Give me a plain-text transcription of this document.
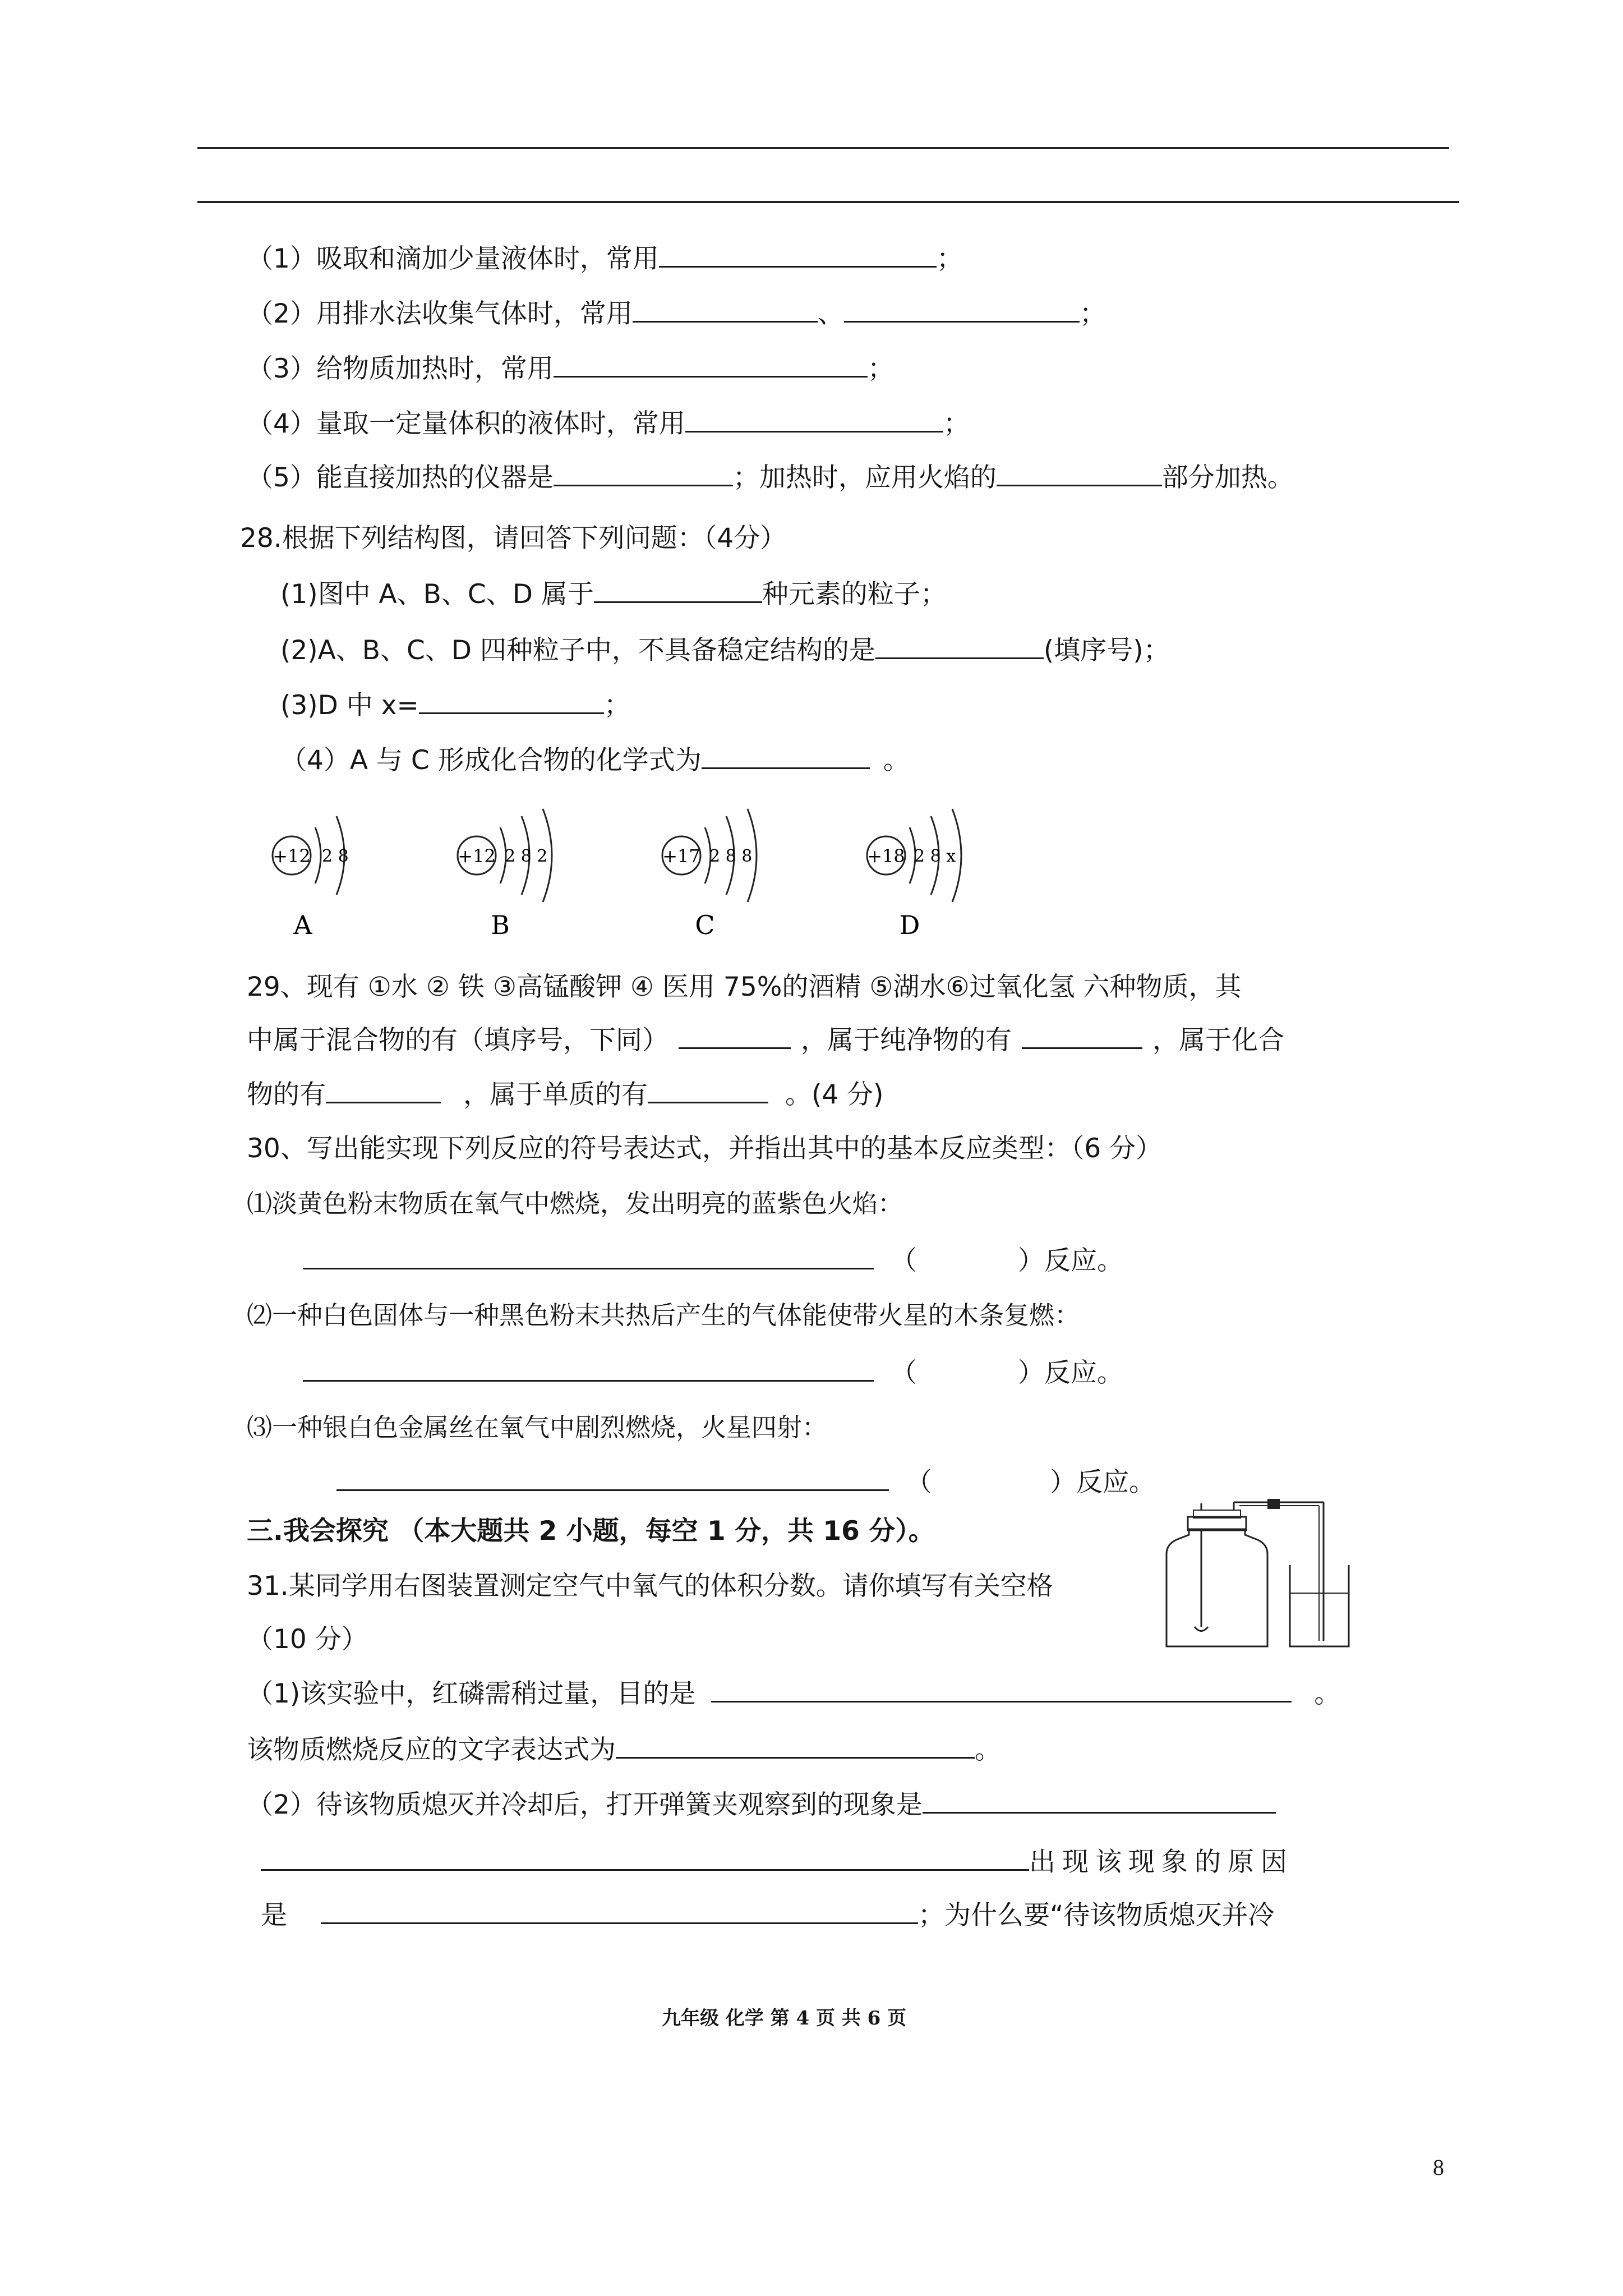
（1）吸取和滴加少量液体时，常用	；
（2）用排水法收集气体时，常用	、	；
（3）给物质加热时，常用	；
（4）量取一定量体积的液体时，常用	；
（5）能直接加热的仪器是	；加热时，应用火焰的	部分加热。
28.根据下列结构图，请回答下列问题：（4分）
(1)图中 A、B、C、D 属于	种元素的粒子；
(2)A、B、C、D 四种粒子中，不具备稳定结构的是	(填序号)；
(3)D 中 x=	；
（4）A 与 C 形成化合物的化学式为	。
+12 2 8
A
+12 2 8 2
B
+17 2 8 8
C
+18 2 8 x
D
29、现有 ①水 ② 铁 ③高锰酸钾 ④ 医用 75%的酒精 ⑤湖水⑥过氧化氢 六种物质，其
中属于混合物的有（填序号，下同）	，属于纯净物的有	，属于化合
物的有	，属于单质的有	。(4 分)
30、写出能实现下列反应的符号表达式，并指出其中的基本反应类型：（6 分）
⑴淡黄色粉末物质在氧气中燃烧，发出明亮的蓝紫色火焰：
（	）反应。
⑵一种白色固体与一种黑色粉末共热后产生的气体能使带火星的木条复燃：
（	）反应。
⑶一种银白色金属丝在氧气中剧烈燃烧，火星四射：
（	）反应。
三.我会探究 （本大题共 2 小题，每空 1 分，共 16 分）。
31.某同学用右图装置测定空气中氧气的体积分数。请你填写有关空格
（10 分）
（1)该实验中，红磷需稍过量，目的是	。
该物质燃烧反应的文字表达式为	。
（2）待该物质熄灭并冷却后，打开弹簧夹观察到的现象是
出现该现象的原因
是	；为什么要“待该物质熄灭并冷
九年级 化学 第 4 页 共 6 页
8
